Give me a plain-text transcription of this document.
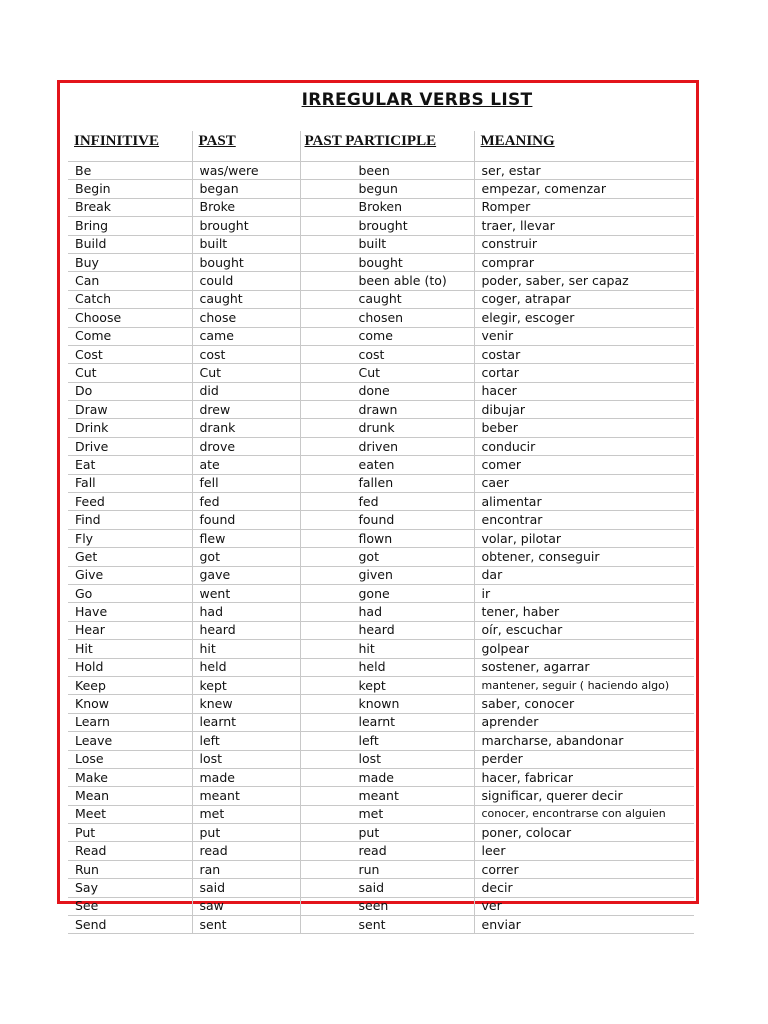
IRREGULAR VERBS LIST
INFINITIVE	PAST	PAST PARTICIPLE	MEANING
Be	was/were	been	ser, estar
Begin	began	begun	empezar, comenzar
Break	Broke	Broken	Romper
Bring	brought	brought	traer, llevar
Build	built	built	construir
Buy	bought	bought	comprar
Can	could	been able (to)	poder, saber, ser capaz
Catch	caught	caught	coger, atrapar
Choose	chose	chosen	elegir, escoger
Come	came	come	venir
Cost	cost	cost	costar
Cut	Cut	Cut	cortar
Do	did	done	hacer
Draw	drew	drawn	dibujar
Drink	drank	drunk	beber
Drive	drove	driven	conducir
Eat	ate	eaten	comer
Fall	fell	fallen	caer
Feed	fed	fed	alimentar
Find	found	found	encontrar
Fly	flew	flown	volar, pilotar
Get	got	got	obtener, conseguir
Give	gave	given	dar
Go	went	gone	ir
Have	had	had	tener, haber
Hear	heard	heard	oír, escuchar
Hit	hit	hit	golpear
Hold	held	held	sostener, agarrar
Keep	kept	kept	mantener, seguir ( haciendo algo)
Know	knew	known	saber, conocer
Learn	learnt	learnt	aprender
Leave	left	left	marcharse, abandonar
Lose	lost	lost	perder
Make	made	made	hacer, fabricar
Mean	meant	meant	significar, querer decir
Meet	met	met	conocer, encontrarse con alguien
Put	put	put	poner, colocar
Read	read	read	leer
Run	ran	run	correr
Say	said	said	decir
See	saw	seen	ver
Send	sent	sent	enviar
